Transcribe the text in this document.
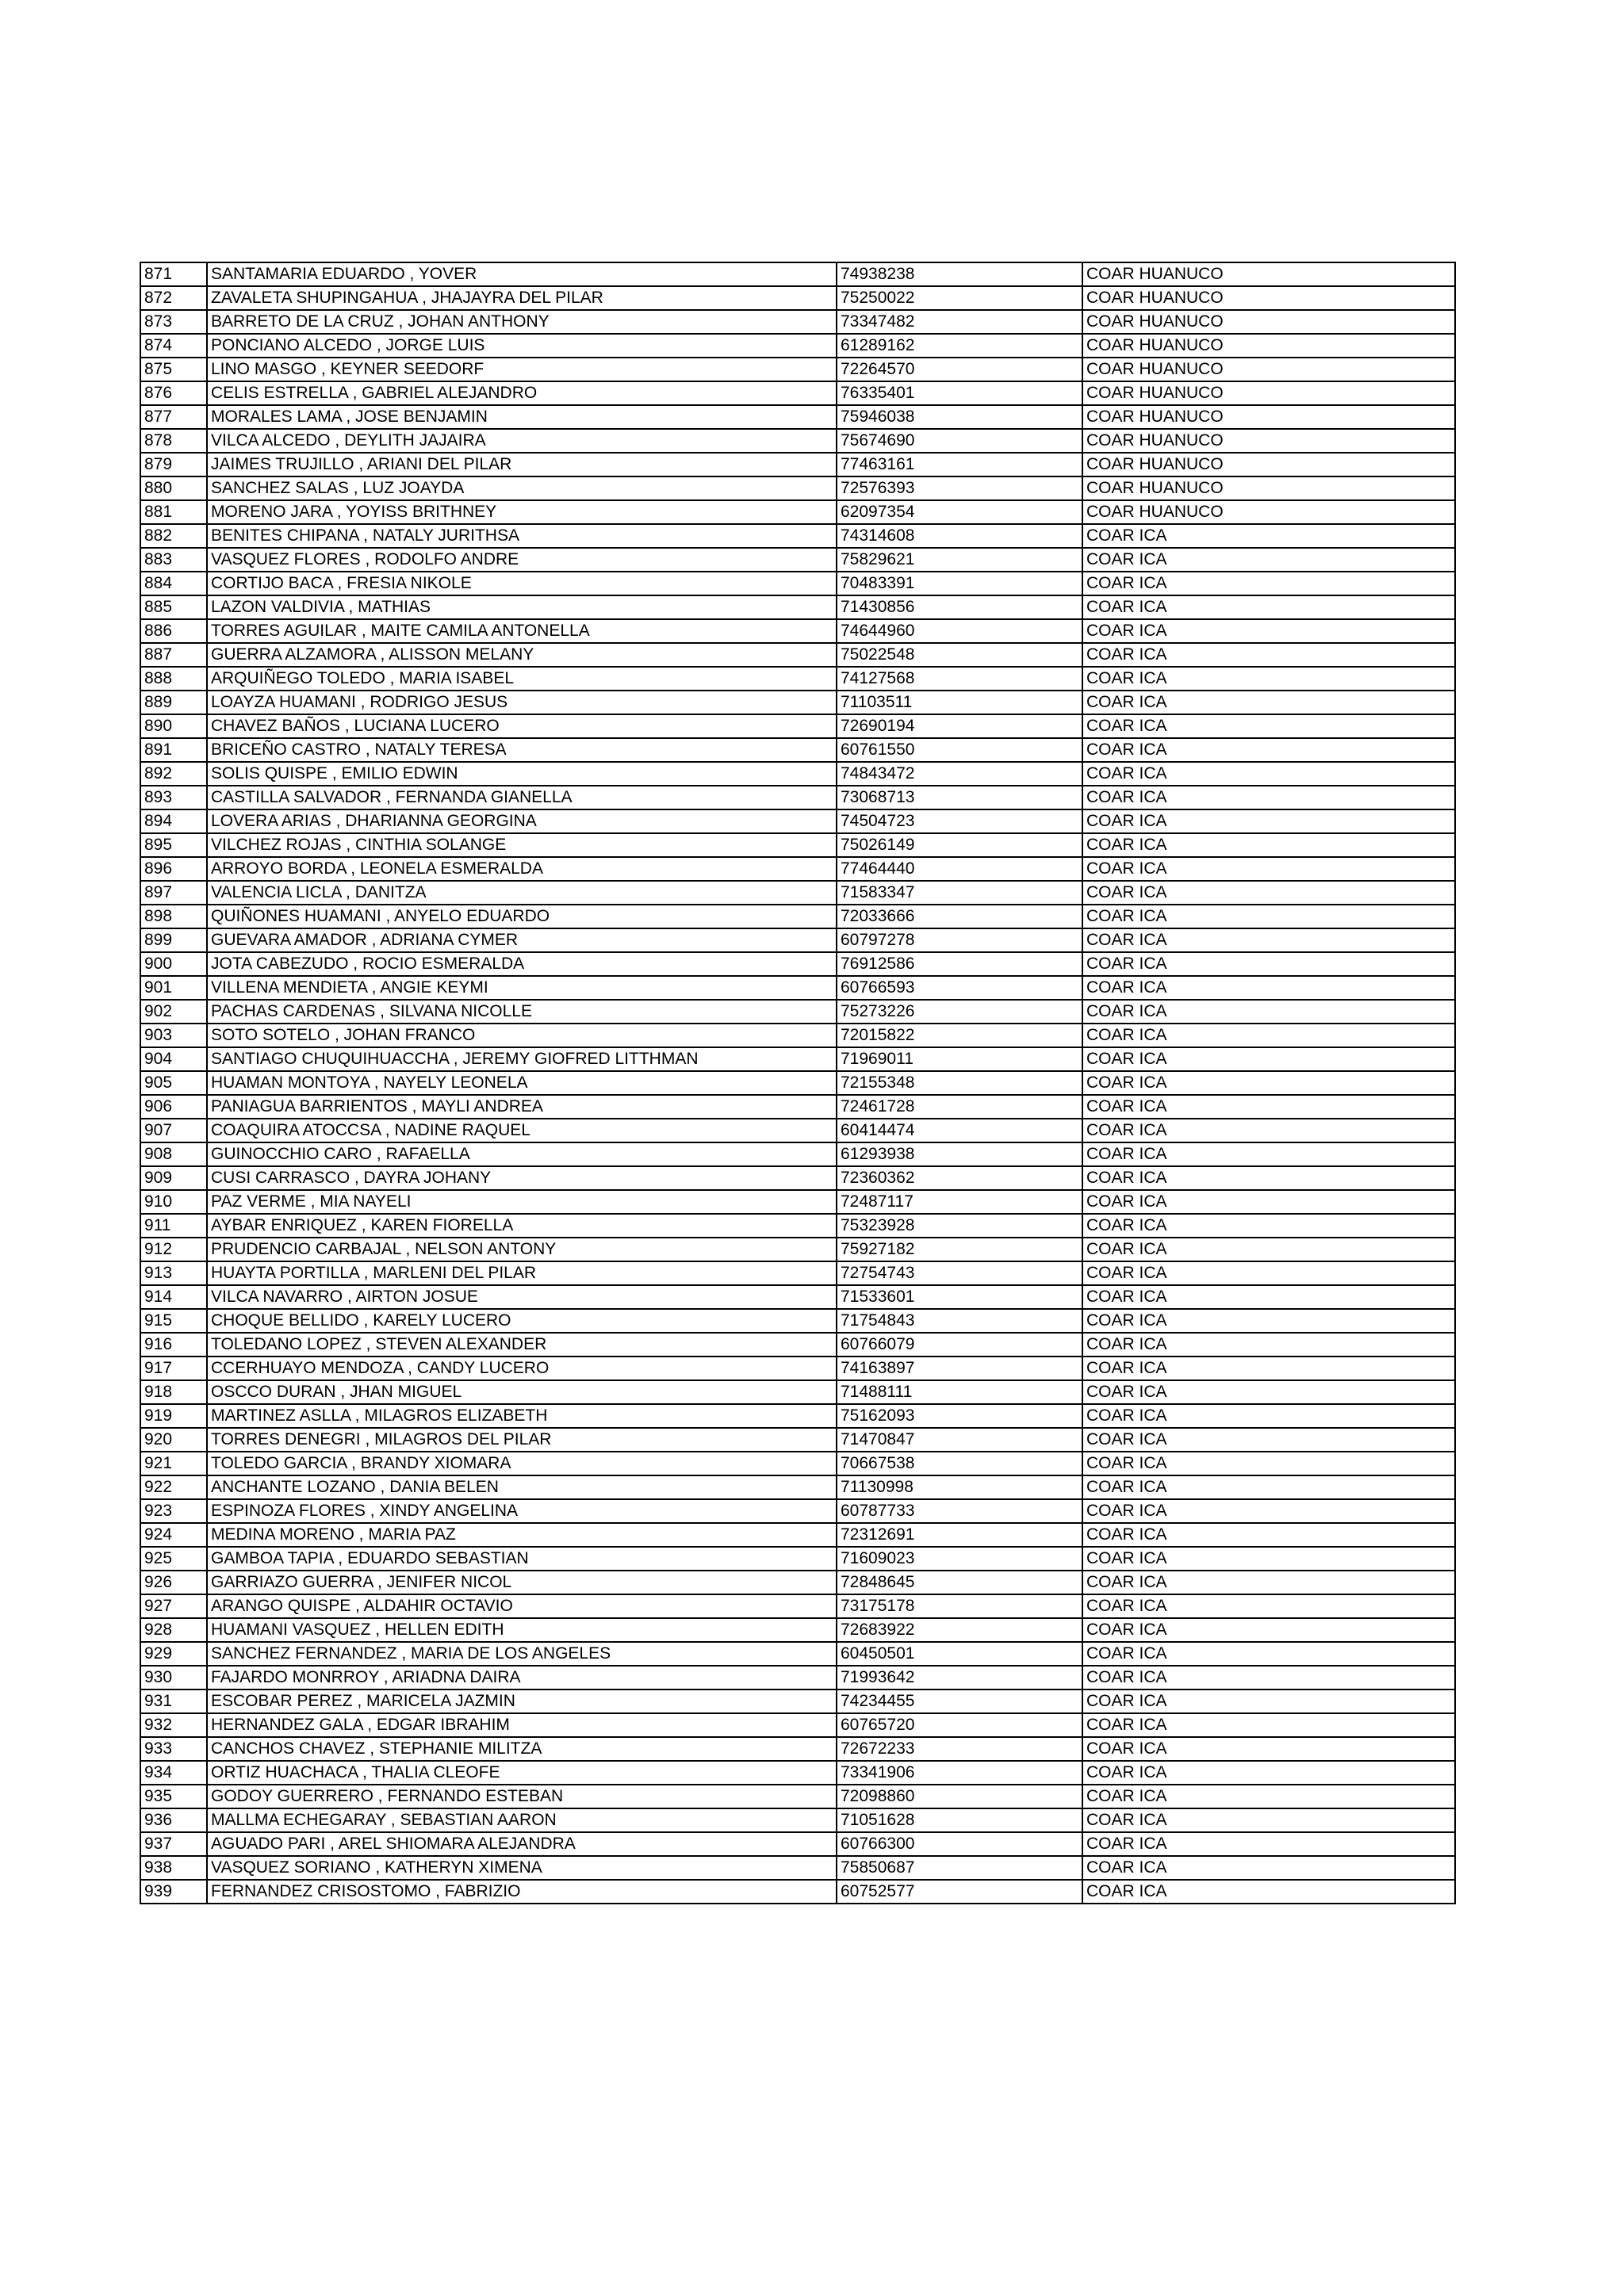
871	SANTAMARIA EDUARDO , YOVER	74938238	COAR HUANUCO
872	ZAVALETA SHUPINGAHUA , JHAJAYRA DEL PILAR	75250022	COAR HUANUCO
873	BARRETO DE LA CRUZ , JOHAN ANTHONY	73347482	COAR HUANUCO
874	PONCIANO ALCEDO , JORGE LUIS	61289162	COAR HUANUCO
875	LINO MASGO , KEYNER SEEDORF	72264570	COAR HUANUCO
876	CELIS ESTRELLA , GABRIEL ALEJANDRO	76335401	COAR HUANUCO
877	MORALES LAMA , JOSE BENJAMIN	75946038	COAR HUANUCO
878	VILCA ALCEDO , DEYLITH JAJAIRA	75674690	COAR HUANUCO
879	JAIMES TRUJILLO , ARIANI DEL PILAR	77463161	COAR HUANUCO
880	SANCHEZ SALAS , LUZ JOAYDA	72576393	COAR HUANUCO
881	MORENO JARA , YOYISS BRITHNEY	62097354	COAR HUANUCO
882	BENITES CHIPANA , NATALY JURITHSA	74314608	COAR ICA
883	VASQUEZ FLORES , RODOLFO ANDRE	75829621	COAR ICA
884	CORTIJO BACA , FRESIA NIKOLE	70483391	COAR ICA
885	LAZON VALDIVIA , MATHIAS	71430856	COAR ICA
886	TORRES AGUILAR , MAITE CAMILA ANTONELLA	74644960	COAR ICA
887	GUERRA ALZAMORA , ALISSON MELANY	75022548	COAR ICA
888	ARQUIÑEGO TOLEDO , MARIA ISABEL	74127568	COAR ICA
889	LOAYZA HUAMANI , RODRIGO JESUS	71103511	COAR ICA
890	CHAVEZ BAÑOS , LUCIANA LUCERO	72690194	COAR ICA
891	BRICEÑO CASTRO , NATALY TERESA	60761550	COAR ICA
892	SOLIS QUISPE , EMILIO EDWIN	74843472	COAR ICA
893	CASTILLA SALVADOR , FERNANDA GIANELLA	73068713	COAR ICA
894	LOVERA ARIAS , DHARIANNA GEORGINA	74504723	COAR ICA
895	VILCHEZ ROJAS , CINTHIA SOLANGE	75026149	COAR ICA
896	ARROYO BORDA , LEONELA ESMERALDA	77464440	COAR ICA
897	VALENCIA LICLA , DANITZA	71583347	COAR ICA
898	QUIÑONES HUAMANI , ANYELO EDUARDO	72033666	COAR ICA
899	GUEVARA AMADOR , ADRIANA CYMER	60797278	COAR ICA
900	JOTA CABEZUDO , ROCIO ESMERALDA	76912586	COAR ICA
901	VILLENA MENDIETA , ANGIE KEYMI	60766593	COAR ICA
902	PACHAS CARDENAS , SILVANA NICOLLE	75273226	COAR ICA
903	SOTO SOTELO , JOHAN FRANCO	72015822	COAR ICA
904	SANTIAGO CHUQUIHUACCHA , JEREMY GIOFRED LITTHMAN	71969011	COAR ICA
905	HUAMAN MONTOYA , NAYELY LEONELA	72155348	COAR ICA
906	PANIAGUA BARRIENTOS , MAYLI ANDREA	72461728	COAR ICA
907	COAQUIRA ATOCCSA , NADINE RAQUEL	60414474	COAR ICA
908	GUINOCCHIO CARO , RAFAELLA	61293938	COAR ICA
909	CUSI CARRASCO , DAYRA JOHANY	72360362	COAR ICA
910	PAZ VERME , MIA NAYELI	72487117	COAR ICA
911	AYBAR ENRIQUEZ , KAREN FIORELLA	75323928	COAR ICA
912	PRUDENCIO CARBAJAL , NELSON ANTONY	75927182	COAR ICA
913	HUAYTA PORTILLA , MARLENI DEL PILAR	72754743	COAR ICA
914	VILCA NAVARRO , AIRTON JOSUE	71533601	COAR ICA
915	CHOQUE BELLIDO , KARELY LUCERO	71754843	COAR ICA
916	TOLEDANO LOPEZ , STEVEN ALEXANDER	60766079	COAR ICA
917	CCERHUAYO MENDOZA , CANDY LUCERO	74163897	COAR ICA
918	OSCCO DURAN , JHAN MIGUEL	71488111	COAR ICA
919	MARTINEZ ASLLA , MILAGROS ELIZABETH	75162093	COAR ICA
920	TORRES DENEGRI , MILAGROS DEL PILAR	71470847	COAR ICA
921	TOLEDO GARCIA , BRANDY XIOMARA	70667538	COAR ICA
922	ANCHANTE LOZANO , DANIA BELEN	71130998	COAR ICA
923	ESPINOZA FLORES , XINDY ANGELINA	60787733	COAR ICA
924	MEDINA MORENO , MARIA PAZ	72312691	COAR ICA
925	GAMBOA TAPIA , EDUARDO SEBASTIAN	71609023	COAR ICA
926	GARRIAZO GUERRA , JENIFER NICOL	72848645	COAR ICA
927	ARANGO QUISPE , ALDAHIR OCTAVIO	73175178	COAR ICA
928	HUAMANI VASQUEZ , HELLEN EDITH	72683922	COAR ICA
929	SANCHEZ FERNANDEZ , MARIA DE LOS ANGELES	60450501	COAR ICA
930	FAJARDO MONRROY , ARIADNA DAIRA	71993642	COAR ICA
931	ESCOBAR PEREZ , MARICELA JAZMIN	74234455	COAR ICA
932	HERNANDEZ GALA , EDGAR IBRAHIM	60765720	COAR ICA
933	CANCHOS CHAVEZ , STEPHANIE MILITZA	72672233	COAR ICA
934	ORTIZ HUACHACA , THALIA CLEOFE	73341906	COAR ICA
935	GODOY GUERRERO , FERNANDO ESTEBAN	72098860	COAR ICA
936	MALLMA ECHEGARAY , SEBASTIAN AARON	71051628	COAR ICA
937	AGUADO PARI , AREL SHIOMARA ALEJANDRA	60766300	COAR ICA
938	VASQUEZ SORIANO , KATHERYN XIMENA	75850687	COAR ICA
939	FERNANDEZ CRISOSTOMO , FABRIZIO	60752577	COAR ICA
